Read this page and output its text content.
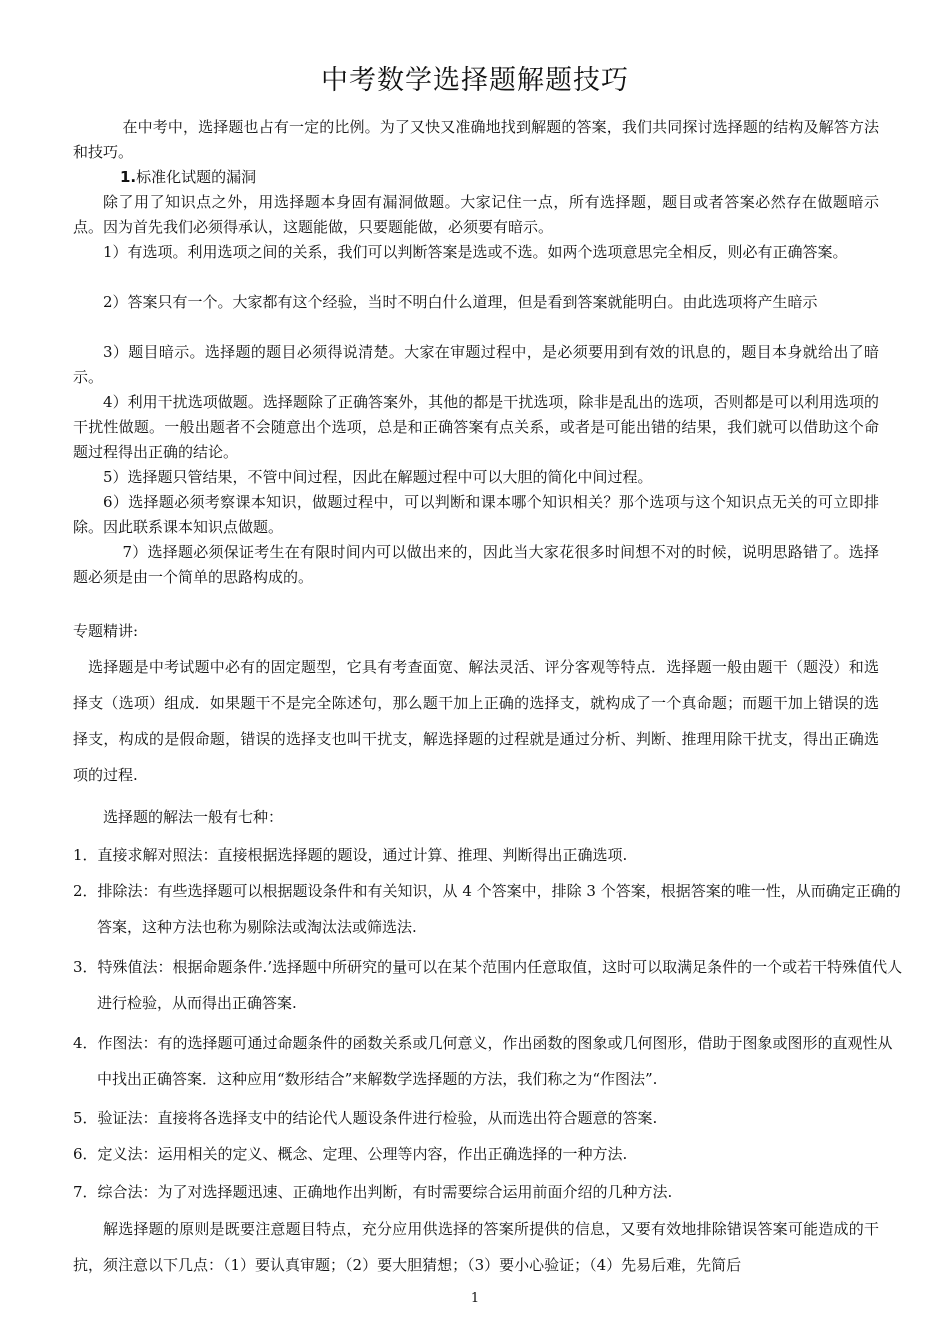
中考数学选择题解题技巧

在中考中，选择题也占有一定的比例。为了又快又准确地找到解题的答案，我们共同探讨选择题的结构及解答方法和技巧。

1.标准化试题的漏洞

除了用了知识点之外，用选择题本身固有漏洞做题。大家记住一点，所有选择题，题目或者答案必然存在做题暗示点。因为首先我们必须得承认，这题能做，只要题能做，必须要有暗示。

1）有选项。利用选项之间的关系，我们可以判断答案是选或不选。如两个选项意思完全相反，则必有正确答案。

2）答案只有一个。大家都有这个经验，当时不明白什么道理，但是看到答案就能明白。由此选项将产生暗示

3）题目暗示。选择题的题目必须得说清楚。大家在审题过程中，是必须要用到有效的讯息的，题目本身就给出了暗示。

4）利用干扰选项做题。选择题除了正确答案外，其他的都是干扰选项，除非是乱出的选项，否则都是可以利用选项的干扰性做题。一般出题者不会随意出个选项，总是和正确答案有点关系，或者是可能出错的结果，我们就可以借助这个命题过程得出正确的结论。

5）选择题只管结果，不管中间过程，因此在解题过程中可以大胆的简化中间过程。

6）选择题必须考察课本知识，做题过程中，可以判断和课本哪个知识相关？那个选项与这个知识点无关的可立即排除。因此联系课本知识点做题。

7）选择题必须保证考生在有限时间内可以做出来的，因此当大家花很多时间想不对的时候，说明思路错了。选择题必须是由一个简单的思路构成的。

专题精讲:

选择题是中考试题中必有的固定题型，它具有考查面宽、解法灵活、评分客观等特点．选择题一般由题干（题没）和选择支（选项）组成．如果题干不是完全陈述句，那么题干加上正确的选择支，就构成了一个真命题；而题干加上错误的选择支，构成的是假命题，错误的选择支也叫干扰支，解选择题的过程就是通过分析、判断、推理用除干扰支，得出正确选项的过程.

选择题的解法一般有七种：

1．直接求解对照法：直接根据选择题的题设，通过计算、推理、判断得出正确选项.

2．排除法：有些选择题可以根据题设条件和有关知识，从 4 个答案中，排除 3 个答案，根据答案的唯一性，从而确定正确的答案，这种方法也称为剔除法或淘汰法或筛选法.

3．特殊值法：根据命题条件.’选择题中所研究的量可以在某个范围内任意取值，这时可以取满足条件的一个或若干特殊值代人进行检验，从而得出正确答案.

4．作图法：有的选择题可通过命题条件的函数关系或几何意义，作出函数的图象或几何图形，借助于图象或图形的直观性从中找出正确答案．这种应用“数形结合”来解数学选择题的方法，我们称之为“作图法”.

5．验证法：直接将各选择支中的结论代人题设条件进行检验，从而选出符合题意的答案.

6．定义法：运用相关的定义、概念、定理、公理等内容，作出正确选择的一种方法.

7．综合法：为了对选择题迅速、正确地作出判断，有时需要综合运用前面介绍的几种方法.

解选择题的原则是既要注意题目特点，充分应用供选择的答案所提供的信息，又要有效地排除错误答案可能造成的干抗，须注意以下几点：（1）要认真审题；（2）要大胆猜想；（3）要小心验证；（4）先易后难，先简后

1
